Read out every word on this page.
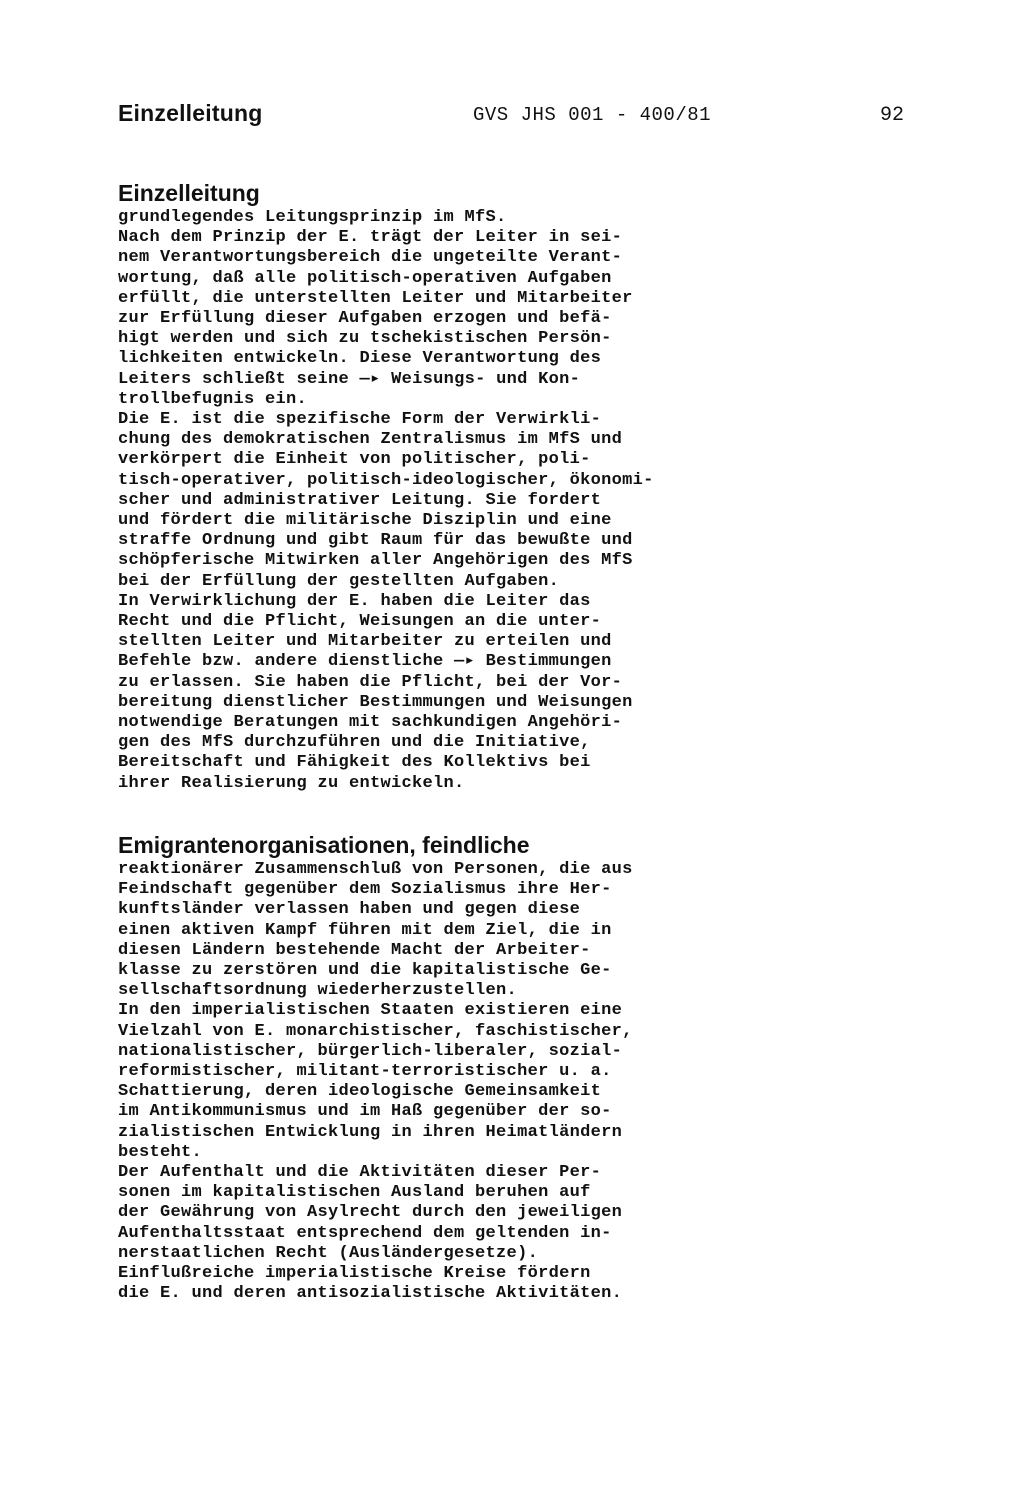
Einzelleitung	GVS JHS 001 - 400/81	92
Einzelleitung
grundlegendes Leitungsprinzip im MfS.
Nach dem Prinzip der E. trägt der Leiter in sei-
nem Verantwortungsbereich die ungeteilte Verant-
wortung, daß alle politisch-operativen Aufgaben
erfüllt, die unterstellten Leiter und Mitarbeiter
zur Erfüllung dieser Aufgaben erzogen und befä-
higt werden und sich zu tschekistischen Persön-
lichkeiten entwickeln. Diese Verantwortung des
Leiters schließt seine —▸ Weisungs- und Kon-
trollbefugnis ein.
Die E. ist die spezifische Form der Verwirkli-
chung des demokratischen Zentralismus im MfS und
verkörpert die Einheit von politischer, poli-
tisch-operativer, politisch-ideologischer, ökonomi-
scher und administrativer Leitung. Sie fordert
und fördert die militärische Disziplin und eine
straffe Ordnung und gibt Raum für das bewußte und
schöpferische Mitwirken aller Angehörigen des MfS
bei der Erfüllung der gestellten Aufgaben.
In Verwirklichung der E. haben die Leiter das
Recht und die Pflicht, Weisungen an die unter-
stellten Leiter und Mitarbeiter zu erteilen und
Befehle bzw. andere dienstliche —▸ Bestimmungen
zu erlassen. Sie haben die Pflicht, bei der Vor-
bereitung dienstlicher Bestimmungen und Weisungen
notwendige Beratungen mit sachkundigen Angehöri-
gen des MfS durchzuführen und die Initiative,
Bereitschaft und Fähigkeit des Kollektivs bei
ihrer Realisierung zu entwickeln.
Emigrantenorganisationen, feindliche
reaktionärer Zusammenschluß von Personen, die aus
Feindschaft gegenüber dem Sozialismus ihre Her-
kunftsländer verlassen haben und gegen diese
einen aktiven Kampf führen mit dem Ziel, die in
diesen Ländern bestehende Macht der Arbeiter-
klasse zu zerstören und die kapitalistische Ge-
sellschaftsordnung wiederherzustellen.
In den imperialistischen Staaten existieren eine
Vielzahl von E. monarchistischer, faschistischer,
nationalistischer, bürgerlich-liberaler, sozial-
reformistischer, militant-terroristischer u. a.
Schattierung, deren ideologische Gemeinsamkeit
im Antikommunismus und im Haß gegenüber der so-
zialistischen Entwicklung in ihren Heimatländern
besteht.
Der Aufenthalt und die Aktivitäten dieser Per-
sonen im kapitalistischen Ausland beruhen auf
der Gewährung von Asylrecht durch den jeweiligen
Aufenthaltsstaat entsprechend dem geltenden in-
nerstaatlichen Recht (Ausländergesetze).
Einflußreiche imperialistische Kreise fördern
die E. und deren antisozialistische Aktivitäten.
